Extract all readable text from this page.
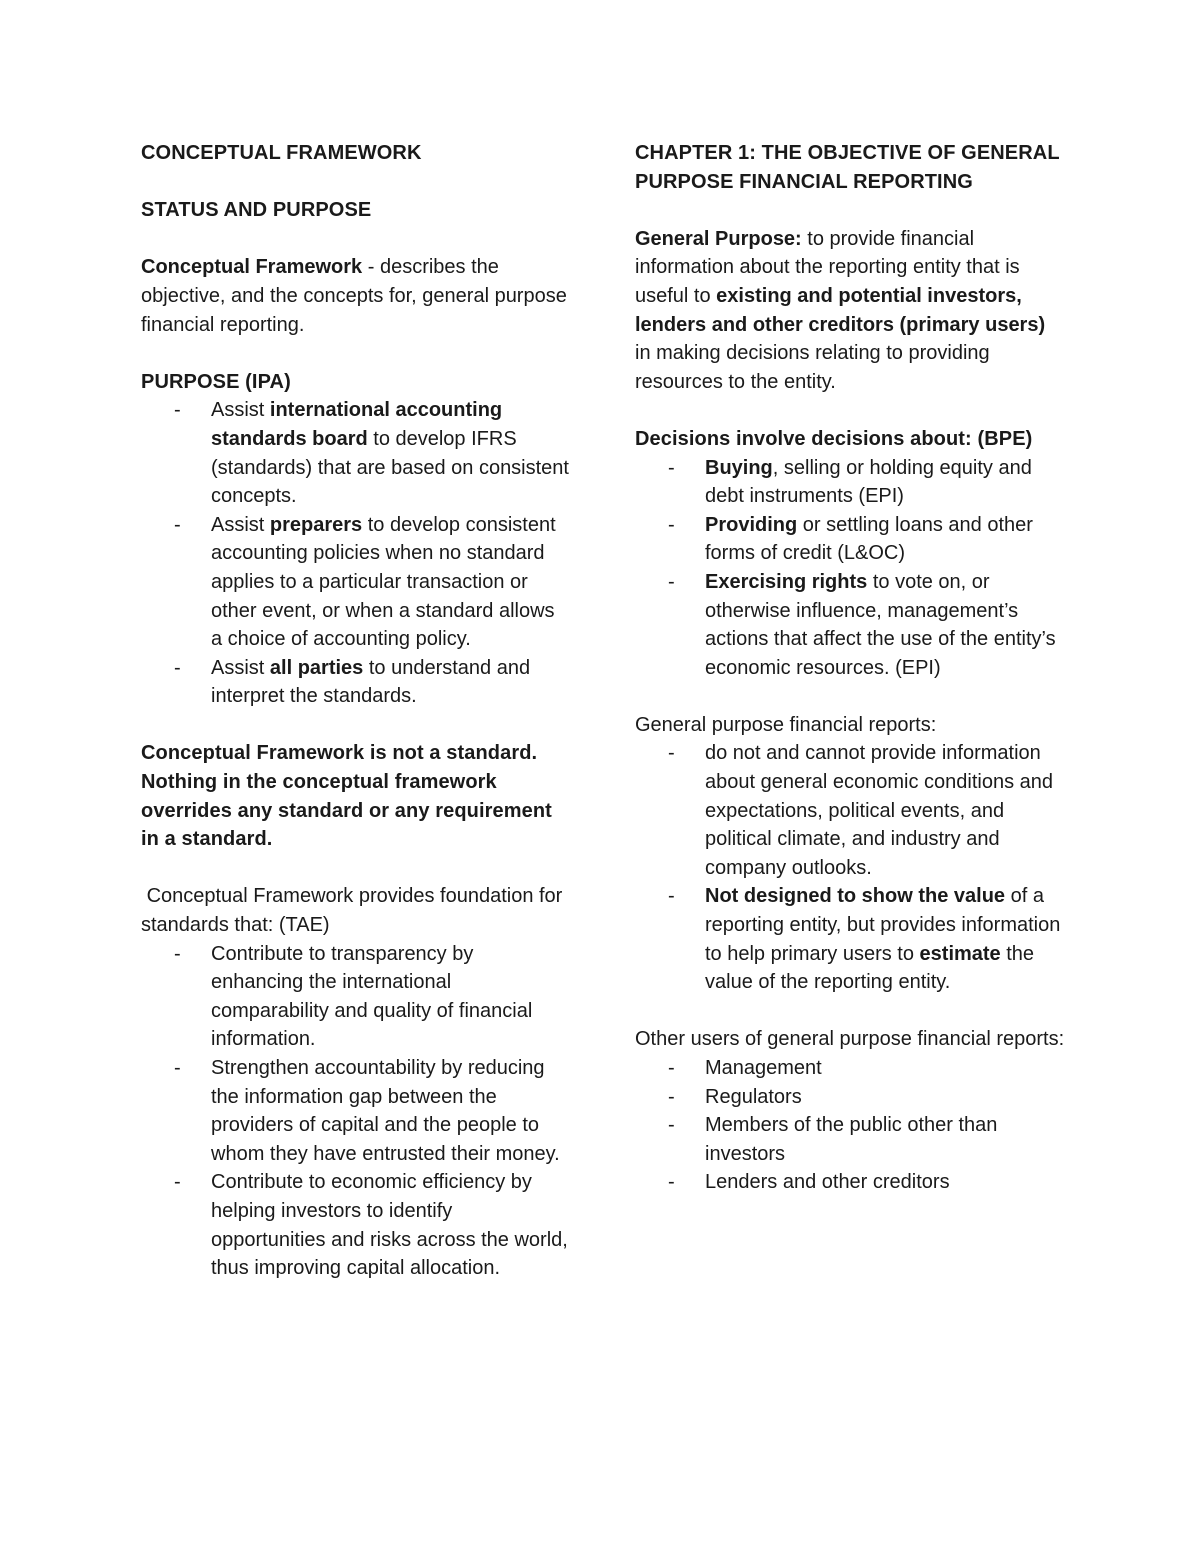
CONCEPTUAL FRAMEWORK

STATUS AND PURPOSE

Conceptual Framework - describes the objective, and the concepts for, general purpose financial reporting.

PURPOSE (IPA)

- Assist international accounting standards board to develop IFRS (standards) that are based on consistent concepts.
- Assist preparers to develop consistent accounting policies when no standard applies to a particular transaction or other event, or when a standard allows a choice of accounting policy.
- Assist all parties to understand and interpret the standards.

Conceptual Framework is not a standard. Nothing in the conceptual framework overrides any standard or any requirement in a standard.

Conceptual Framework provides foundation for standards that: (TAE)

- Contribute to transparency by enhancing the international comparability and quality of financial information.
- Strengthen accountability by reducing the information gap between the providers of capital and the people to whom they have entrusted their money.
- Contribute to economic efficiency by helping investors to identify opportunities and risks across the world, thus improving capital allocation.

CHAPTER 1: THE OBJECTIVE OF GENERAL PURPOSE FINANCIAL REPORTING

General Purpose: to provide financial information about the reporting entity that is useful to existing and potential investors, lenders and other creditors (primary users) in making decisions relating to providing resources to the entity.

Decisions involve decisions about: (BPE)

- Buying, selling or holding equity and debt instruments (EPI)
- Providing or settling loans and other forms of credit (L&OC)
- Exercising rights to vote on, or otherwise influence, management’s actions that affect the use of the entity’s economic resources. (EPI)

General purpose financial reports:

- do not and cannot provide information about general economic conditions and expectations, political events, and political climate, and industry and company outlooks.
- Not designed to show the value of a reporting entity, but provides information to help primary users to estimate the value of the reporting entity.

Other users of general purpose financial reports:

- Management
- Regulators
- Members of the public other than investors
- Lenders and other creditors
